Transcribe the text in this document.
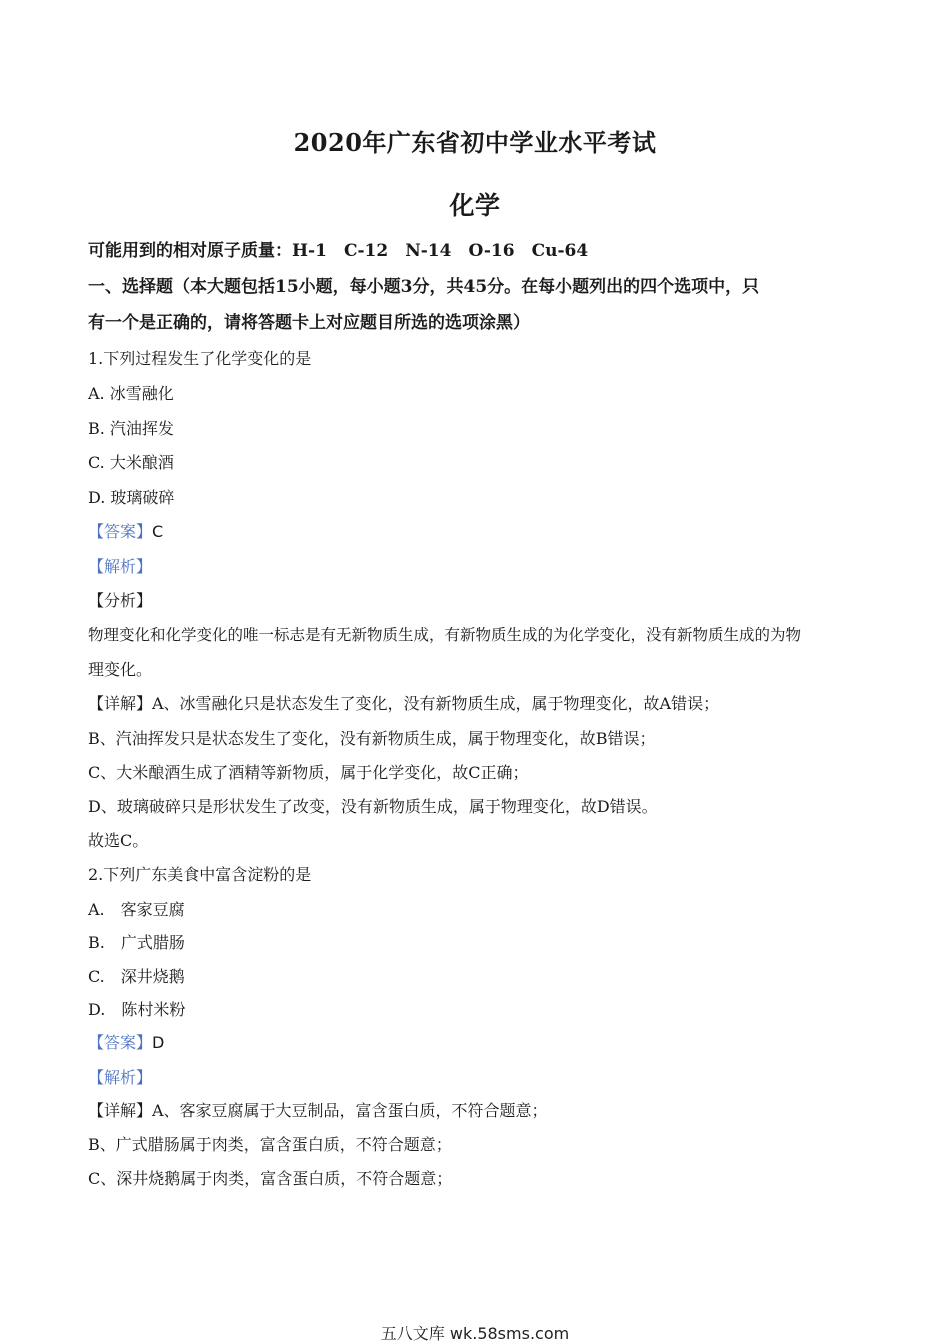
2020年广东省初中学业水平考试
化学
可能用到的相对原子质量：H-1　C-12　N-14　O-16　Cu-64
一、选择题（本大题包括15小题，每小题3分，共45分。在每小题列出的四个选项中，只
有一个是正确的，请将答题卡上对应题目所选的选项涂黑）
1.下列过程发生了化学变化的是
A. 冰雪融化
B. 汽油挥发
C. 大米酿酒
D. 玻璃破碎
【答案】C
【解析】
【分析】
物理变化和化学变化的唯一标志是有无新物质生成，有新物质生成的为化学变化，没有新物质生成的为物
理变化。
【详解】A、冰雪融化只是状态发生了变化，没有新物质生成，属于物理变化，故A错误；
B、汽油挥发只是状态发生了变化，没有新物质生成，属于物理变化，故B错误；
C、大米酿酒生成了酒精等新物质，属于化学变化，故C正确；
D、玻璃破碎只是形状发生了改变，没有新物质生成，属于物理变化，故D错误。
故选C。
2.下列广东美食中富含淀粉的是
A.　客家豆腐
B.　广式腊肠
C.　深井烧鹅
D.　陈村米粉
【答案】D
【解析】
【详解】A、客家豆腐属于大豆制品，富含蛋白质，不符合题意；
B、广式腊肠属于肉类，富含蛋白质，不符合题意；
C、深井烧鹅属于肉类，富含蛋白质，不符合题意；
五八文库 wk.58sms.com
